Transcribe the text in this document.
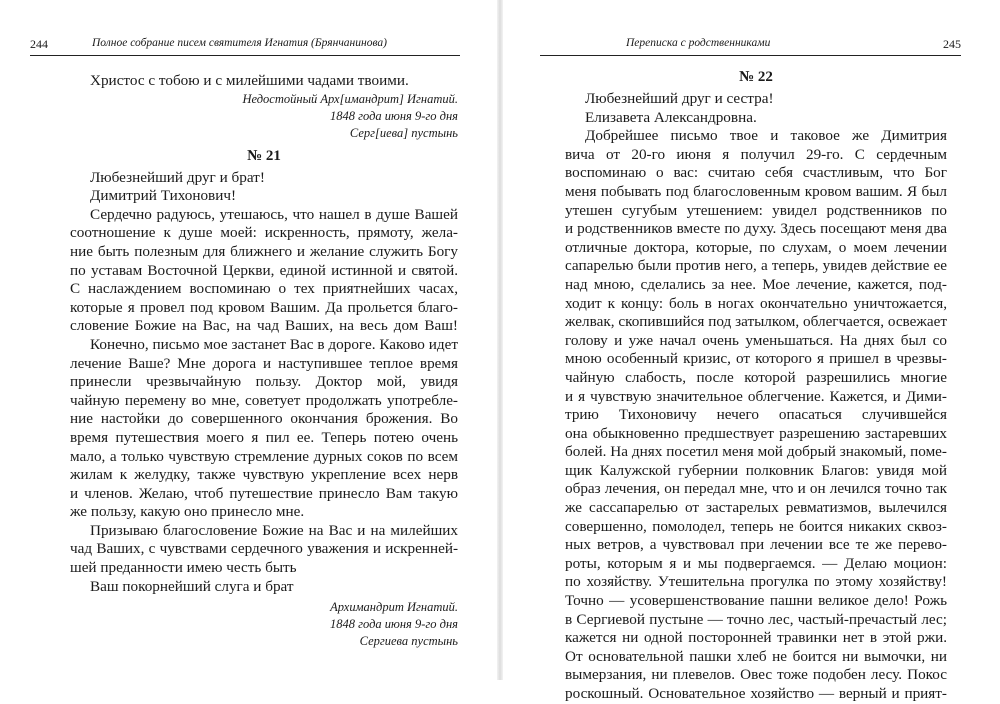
244	Полное собрание писем святителя Игнатия (Брянчанинова)
Христос с тобою и с милейшими чадами твоими.
Недостойный Арх[имандрит] Игнатий.
1848 года июня 9-го дня
Серг[иева] пустынь
№ 21
Любезнейший друг и брат!
Димитрий Тихонович!
Сердечно радуюсь, утешаюсь, что нашел в душе Вашей
соотношение к душе моей: искренность, прямоту, жела-
ние быть полезным для ближнего и желание служить Богу
по уставам Восточной Церкви, единой истинной и святой.
С наслаждением воспоминаю о тех приятнейших часах,
которые я провел под кровом Вашим. Да прольется благо-
словение Божие на Вас, на чад Ваших, на весь дом Ваш!
Конечно, письмо мое застанет Вас в дороге. Каково идет
лечение Ваше? Мне дорога и наступившее теплое время
принесли чрезвычайную пользу. Доктор мой, увидя
чайную перемену во мне, советует продолжать употребле-
ние настойки до совершенного окончания брожения. Во
время путешествия моего я пил ее. Теперь потею очень
мало, а только чувствую стремление дурных соков по всем
жилам к желудку, также чувствую укрепление всех нерв
и членов. Желаю, чтоб путешествие принесло Вам такую
же пользу, какую оно принесло мне.
Призываю благословение Божие на Вас и на милейших
чад Ваших, с чувствами сердечного уважения и искренней-
шей преданности имею честь быть
Ваш покорнейший слуга и брат
Архимандрит Игнатий.
1848 года июня 9-го дня
Сергиева пустынь
Переписка с родственниками	245
№ 22
Любезнейший друг и сестра!
Елизавета Александровна.
Добрейшее письмо твое и таковое же Димитрия
вича от 20-го июня я получил 29-го. С сердечным
воспоминаю о вас: считаю себя счастливым, что Бог
меня побывать под благословенным кровом вашим. Я был
утешен сугубым утешением: увидел родственников по
и родственников вместе по духу. Здесь посещают меня два
отличные доктора, которые, по слухам, о моем лечении
сапарелью были против него, а теперь, увидев действие ее
над мною, сделались за нее. Мое лечение, кажется, под-
ходит к концу: боль в ногах окончательно уничтожается,
желвак, скопившийся под затылком, облегчается, освежает
голову и уже начал очень уменьшаться. На днях был со
мною особенный кризис, от которого я пришел в чрезвы-
чайную слабость, после которой разрешились многие
и я чувствую значительное облегчение. Кажется, и Дими-
трию Тихоновичу нечего опасаться случившейся
она обыкновенно предшествует разрешению застаревших
болей. На днях посетил меня мой добрый знакомый, поме-
щик Калужской губернии полковник Благов: увидя мой
образ лечения, он передал мне, что и он лечился точно так
же сассапарелью от застарелых ревматизмов, вылечился
совершенно, помолодел, теперь не боится никаких сквоз-
ных ветров, а чувствовал при лечении все те же перево-
роты, которым я и мы подвергаемся. — Делаю моцион:
по хозяйству. Утешительна прогулка по этому хозяйству!
Точно — усовершенствование пашни великое дело! Рожь
в Сергиевой пустыне — точно лес, частый-пречастый лес;
кажется ни одной посторонней травинки нет в этой ржи.
От основательной пашки хлеб не боится ни вымочки, ни
вымерзания, ни плевелов. Овес тоже подобен лесу. Покос
роскошный. Основательное хозяйство — верный и прият-
